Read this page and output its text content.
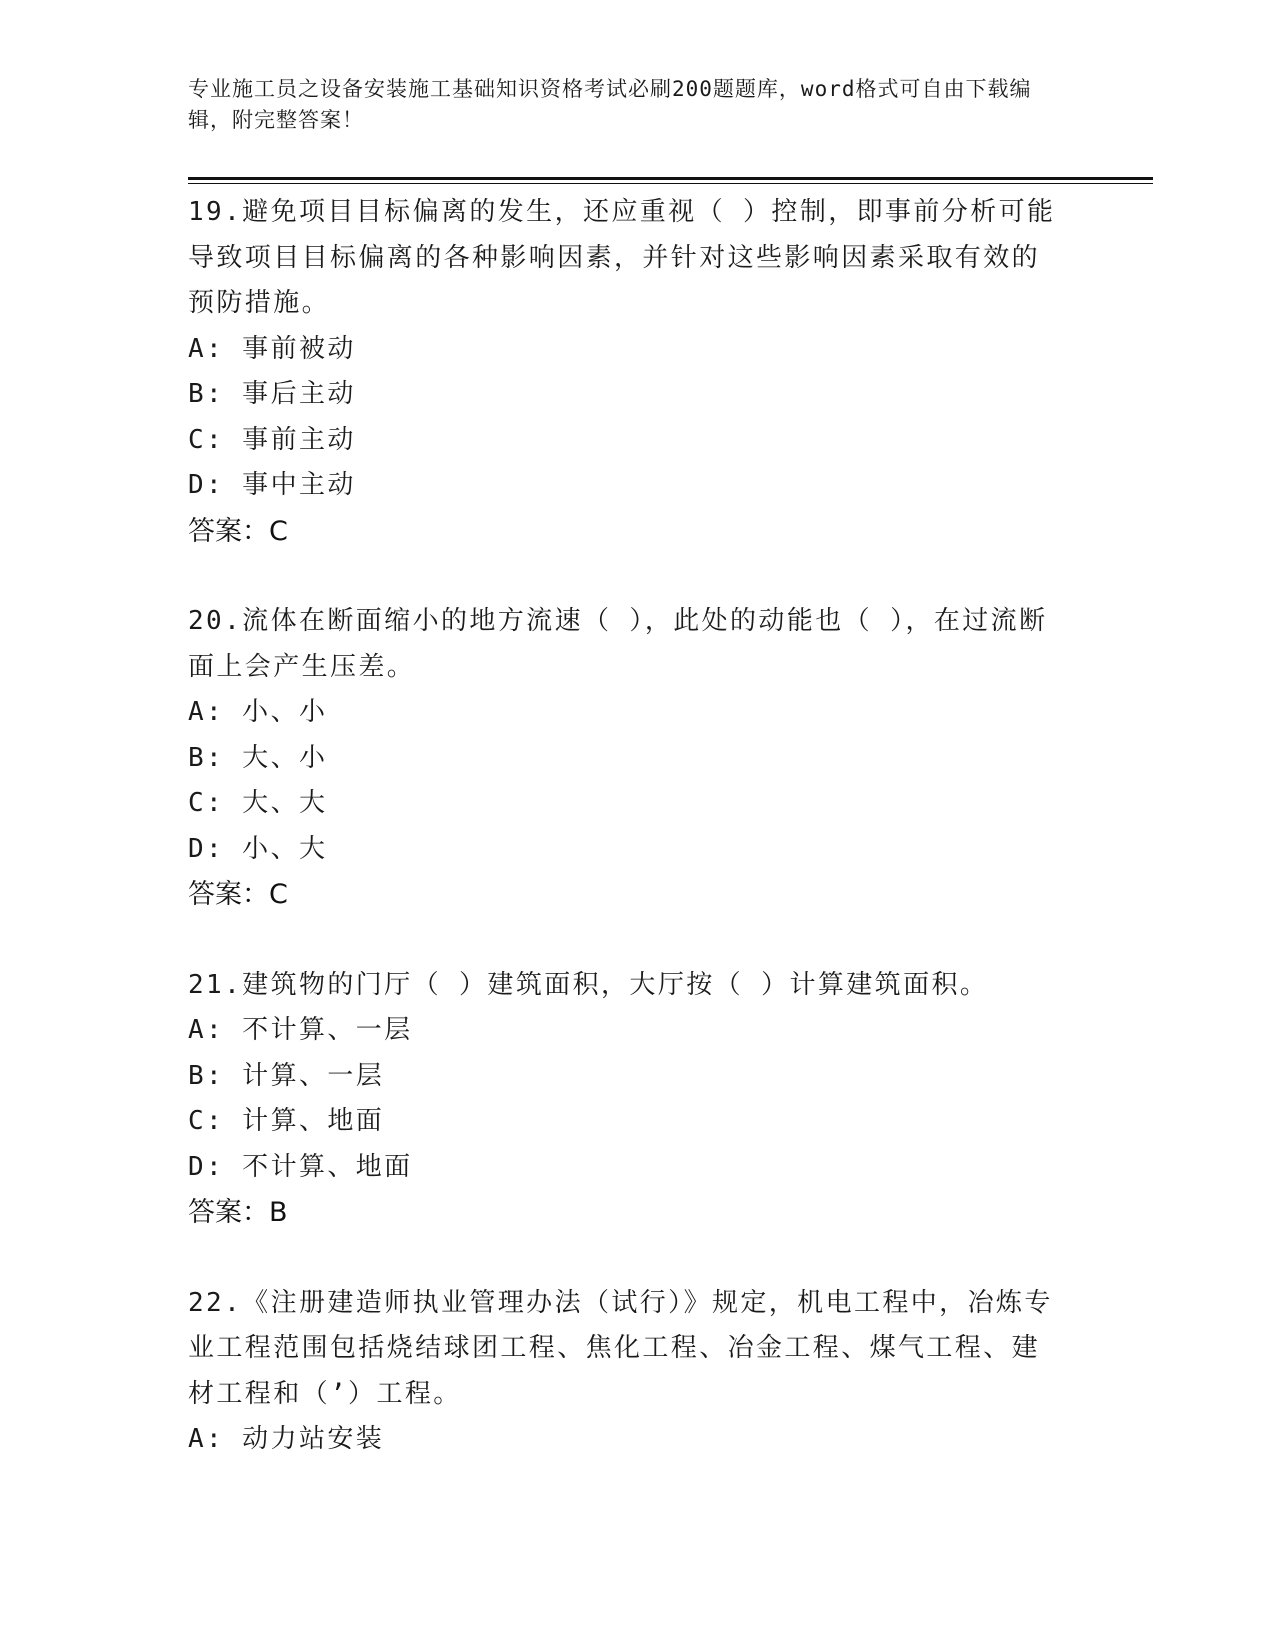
专业施工员之设备安装施工基础知识资格考试必刷200题题库，word格式可自由下载编辑，附完整答案！

19.避免项目目标偏离的发生，还应重视（ ）控制，即事前分析可能导致项目目标偏离的各种影响因素，并针对这些影响因素采取有效的预防措施。

A: 事前被动

B: 事后主动

C: 事前主动

D: 事中主动

答案：C

20.流体在断面缩小的地方流速（ ），此处的动能也（ ），在过流断面上会产生压差。

A: 小、小

B: 大、小

C: 大、大

D: 小、大

答案：C

21.建筑物的门厅（ ）建筑面积，大厅按（ ）计算建筑面积。

A: 不计算、一层

B: 计算、一层

C: 计算、地面

D: 不计算、地面

答案：B

22.《注册建造师执业管理办法（试行）》规定，机电工程中，冶炼专业工程范围包括烧结球团工程、焦化工程、冶金工程、煤气工程、建材工程和（’）工程。

A: 动力站安装
